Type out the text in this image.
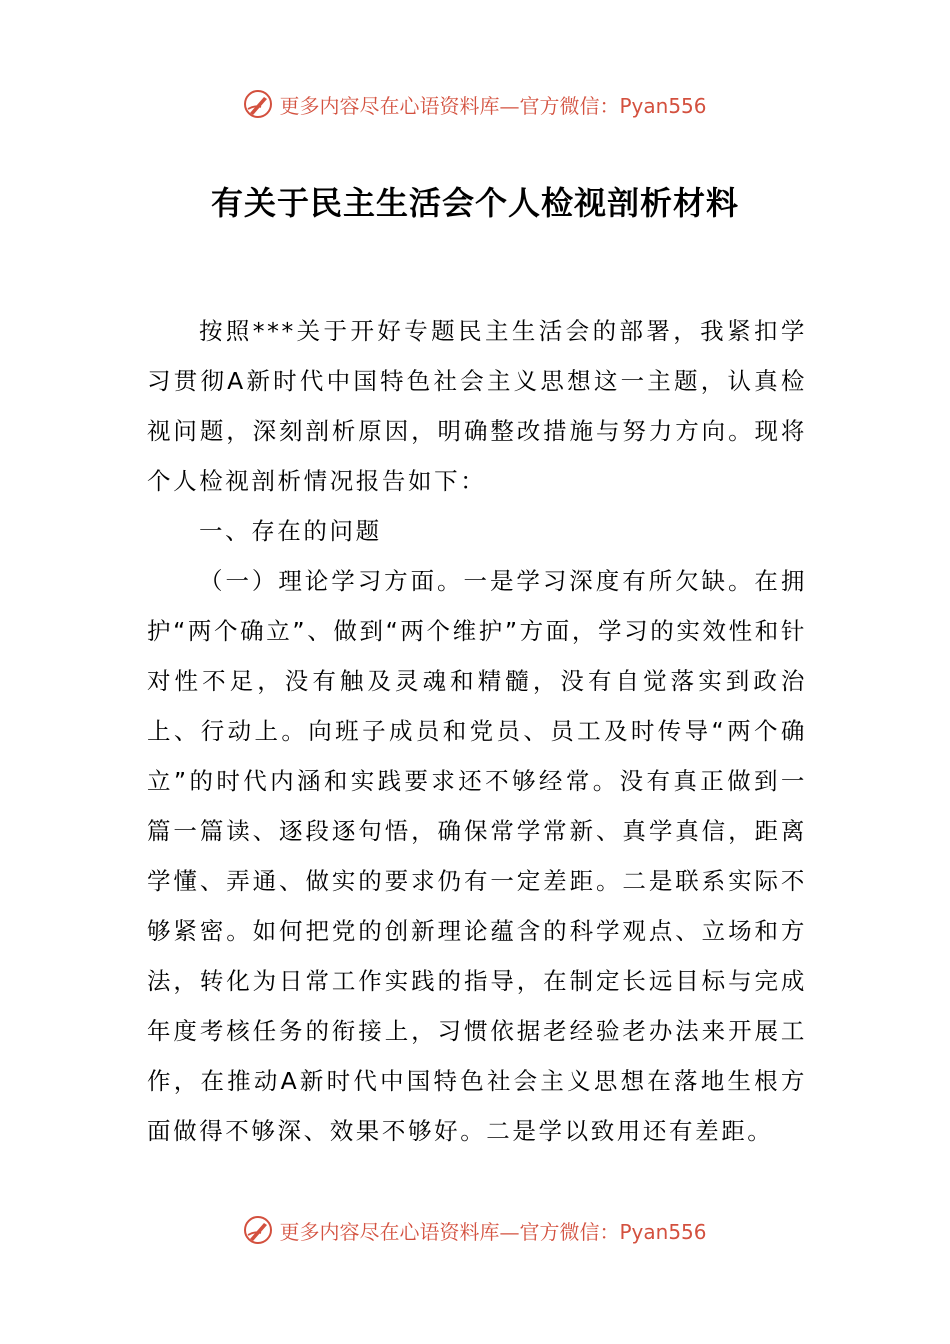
更多内容尽在心语资料库—官方微信：Pyan556
有关于民主生活会个人检视剖析材料

按照***关于开好专题民主生活会的部署，我紧扣学习贯彻A新时代中国特色社会主义思想这一主题，认真检视问题，深刻剖析原因，明确整改措施与努力方向。现将个人检视剖析情况报告如下：

一、存在的问题

（一）理论学习方面。一是学习深度有所欠缺。在拥护“两个确立”、做到“两个维护”方面，学习的实效性和针对性不足，没有触及灵魂和精髓，没有自觉落实到政治上、行动上。向班子成员和党员、员工及时传导“两个确立”的时代内涵和实践要求还不够经常。没有真正做到一篇一篇读、逐段逐句悟，确保常学常新、真学真信，距离学懂、弄通、做实的要求仍有一定差距。二是联系实际不够紧密。如何把党的创新理论蕴含的科学观点、立场和方法，转化为日常工作实践的指导，在制定长远目标与完成年度考核任务的衔接上，习惯依据老经验老办法来开展工作，在推动A新时代中国特色社会主义思想在落地生根方面做得不够深、效果不够好。二是学以致用还有差距。

更多内容尽在心语资料库—官方微信：Pyan556
